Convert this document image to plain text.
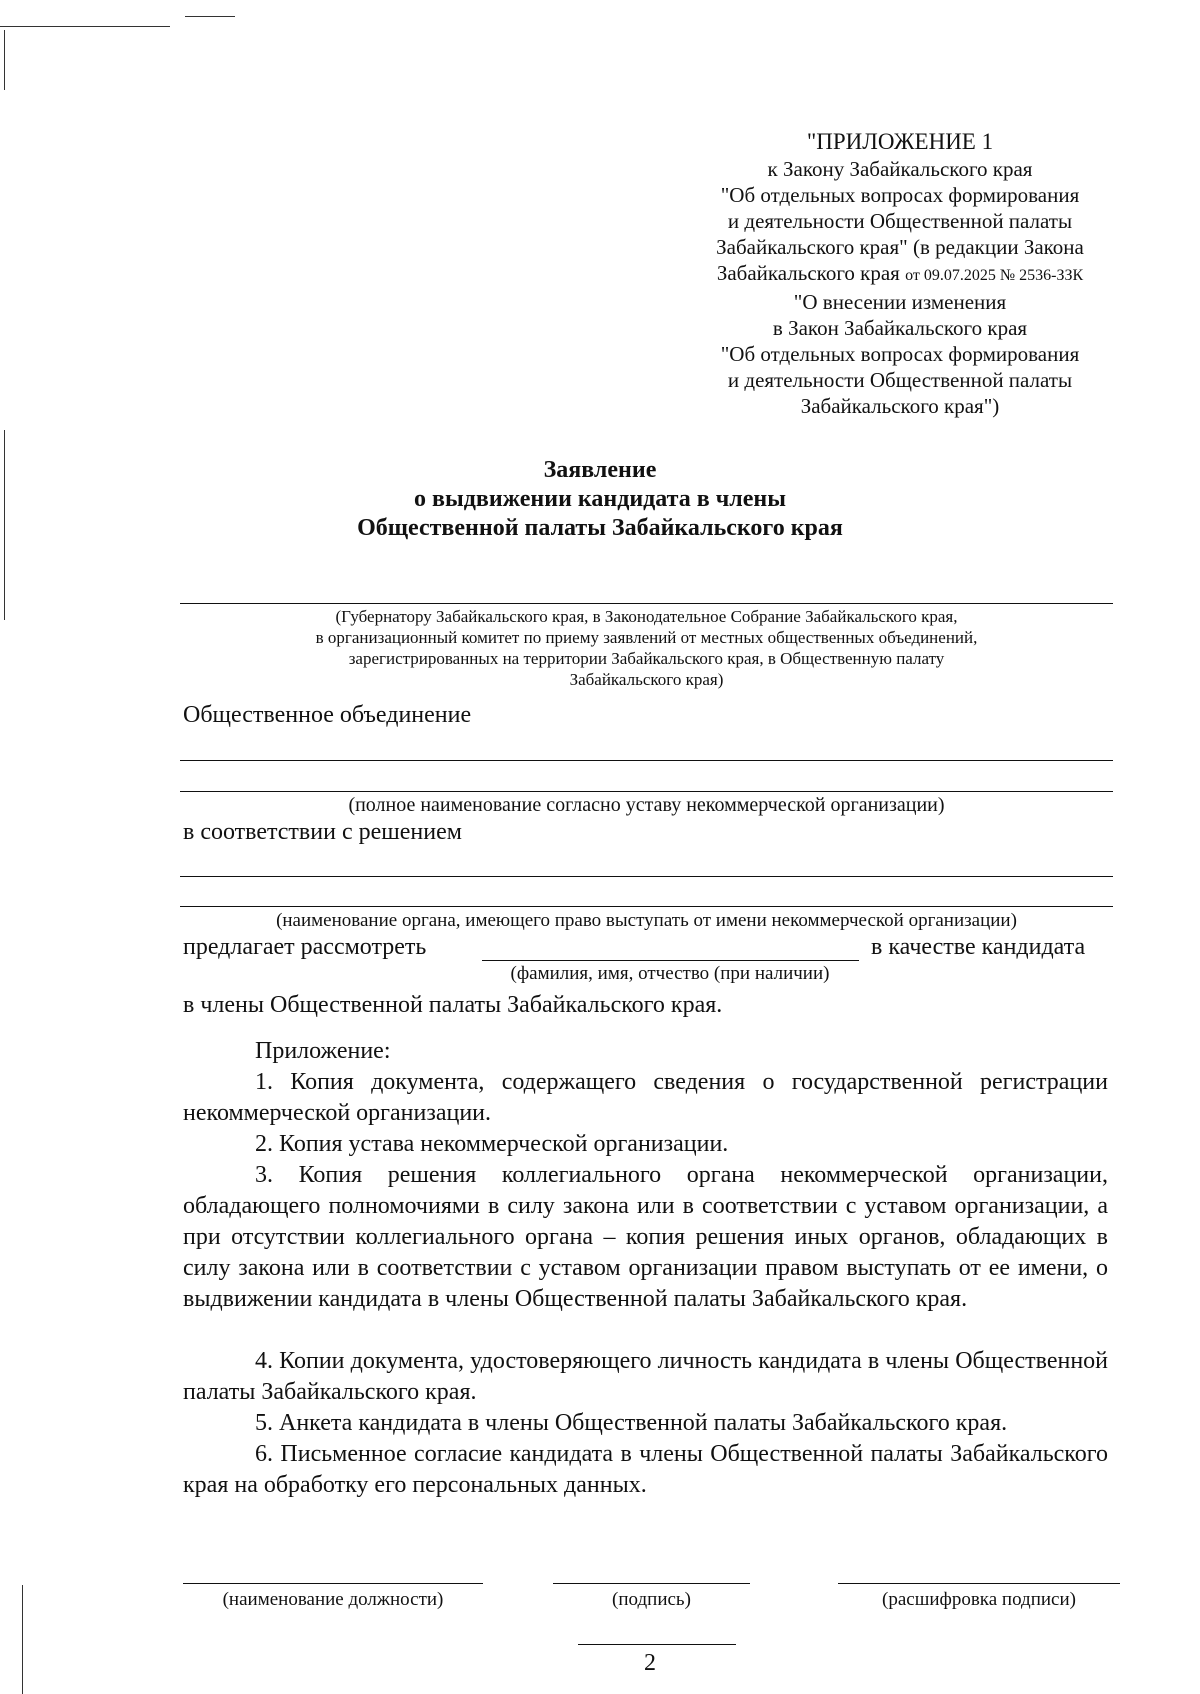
"ПРИЛОЖЕНИЕ 1
к Закону Забайкальского края
"Об отдельных вопросах формирования
и деятельности Общественной палаты
Забайкальского края" (в редакции Закона
Забайкальского края от 09.07.2025 № 2536-ЗЗК
"О внесении изменения
в Закон Забайкальского края
"Об отдельных вопросах формирования
и деятельности Общественной палаты
Забайкальского края")
Заявление
о выдвижении кандидата в члены
Общественной палаты Забайкальского края
(Губернатору Забайкальского края, в Законодательное Собрание Забайкальского края,
в организационный комитет по приему заявлений от местных общественных объединений,
зарегистрированных на территории Забайкальского края, в Общественную палату
Забайкальского края)
Общественное объединение
(полное наименование согласно уставу некоммерческой организации)
в соответствии с решением
(наименование органа, имеющего право выступать от имени некоммерческой организации)
предлагает рассмотреть	в качестве кандидата
(фамилия, имя, отчество (при наличии)
в члены Общественной палаты Забайкальского края.
Приложение:
1. Копия документа, содержащего сведения о государственной регистрации некоммерческой организации.
2. Копия устава некоммерческой организации.
3. Копия решения коллегиального органа некоммерческой организации, обладающего полномочиями в силу закона или в соответствии с уставом организации, а при отсутствии коллегиального органа – копия решения иных органов, обладающих в силу закона или в соответствии с уставом организации правом выступать от ее имени, о выдвижении кандидата в члены Общественной палаты Забайкальского края.
4. Копии документа, удостоверяющего личность кандидата в члены Общественной палаты Забайкальского края.
5. Анкета кандидата в члены Общественной палаты Забайкальского края.
6. Письменное согласие кандидата в члены Общественной палаты Забайкальского края на обработку его персональных данных.
(наименование должности)	(подпись)	(расшифровка подписи)
2
